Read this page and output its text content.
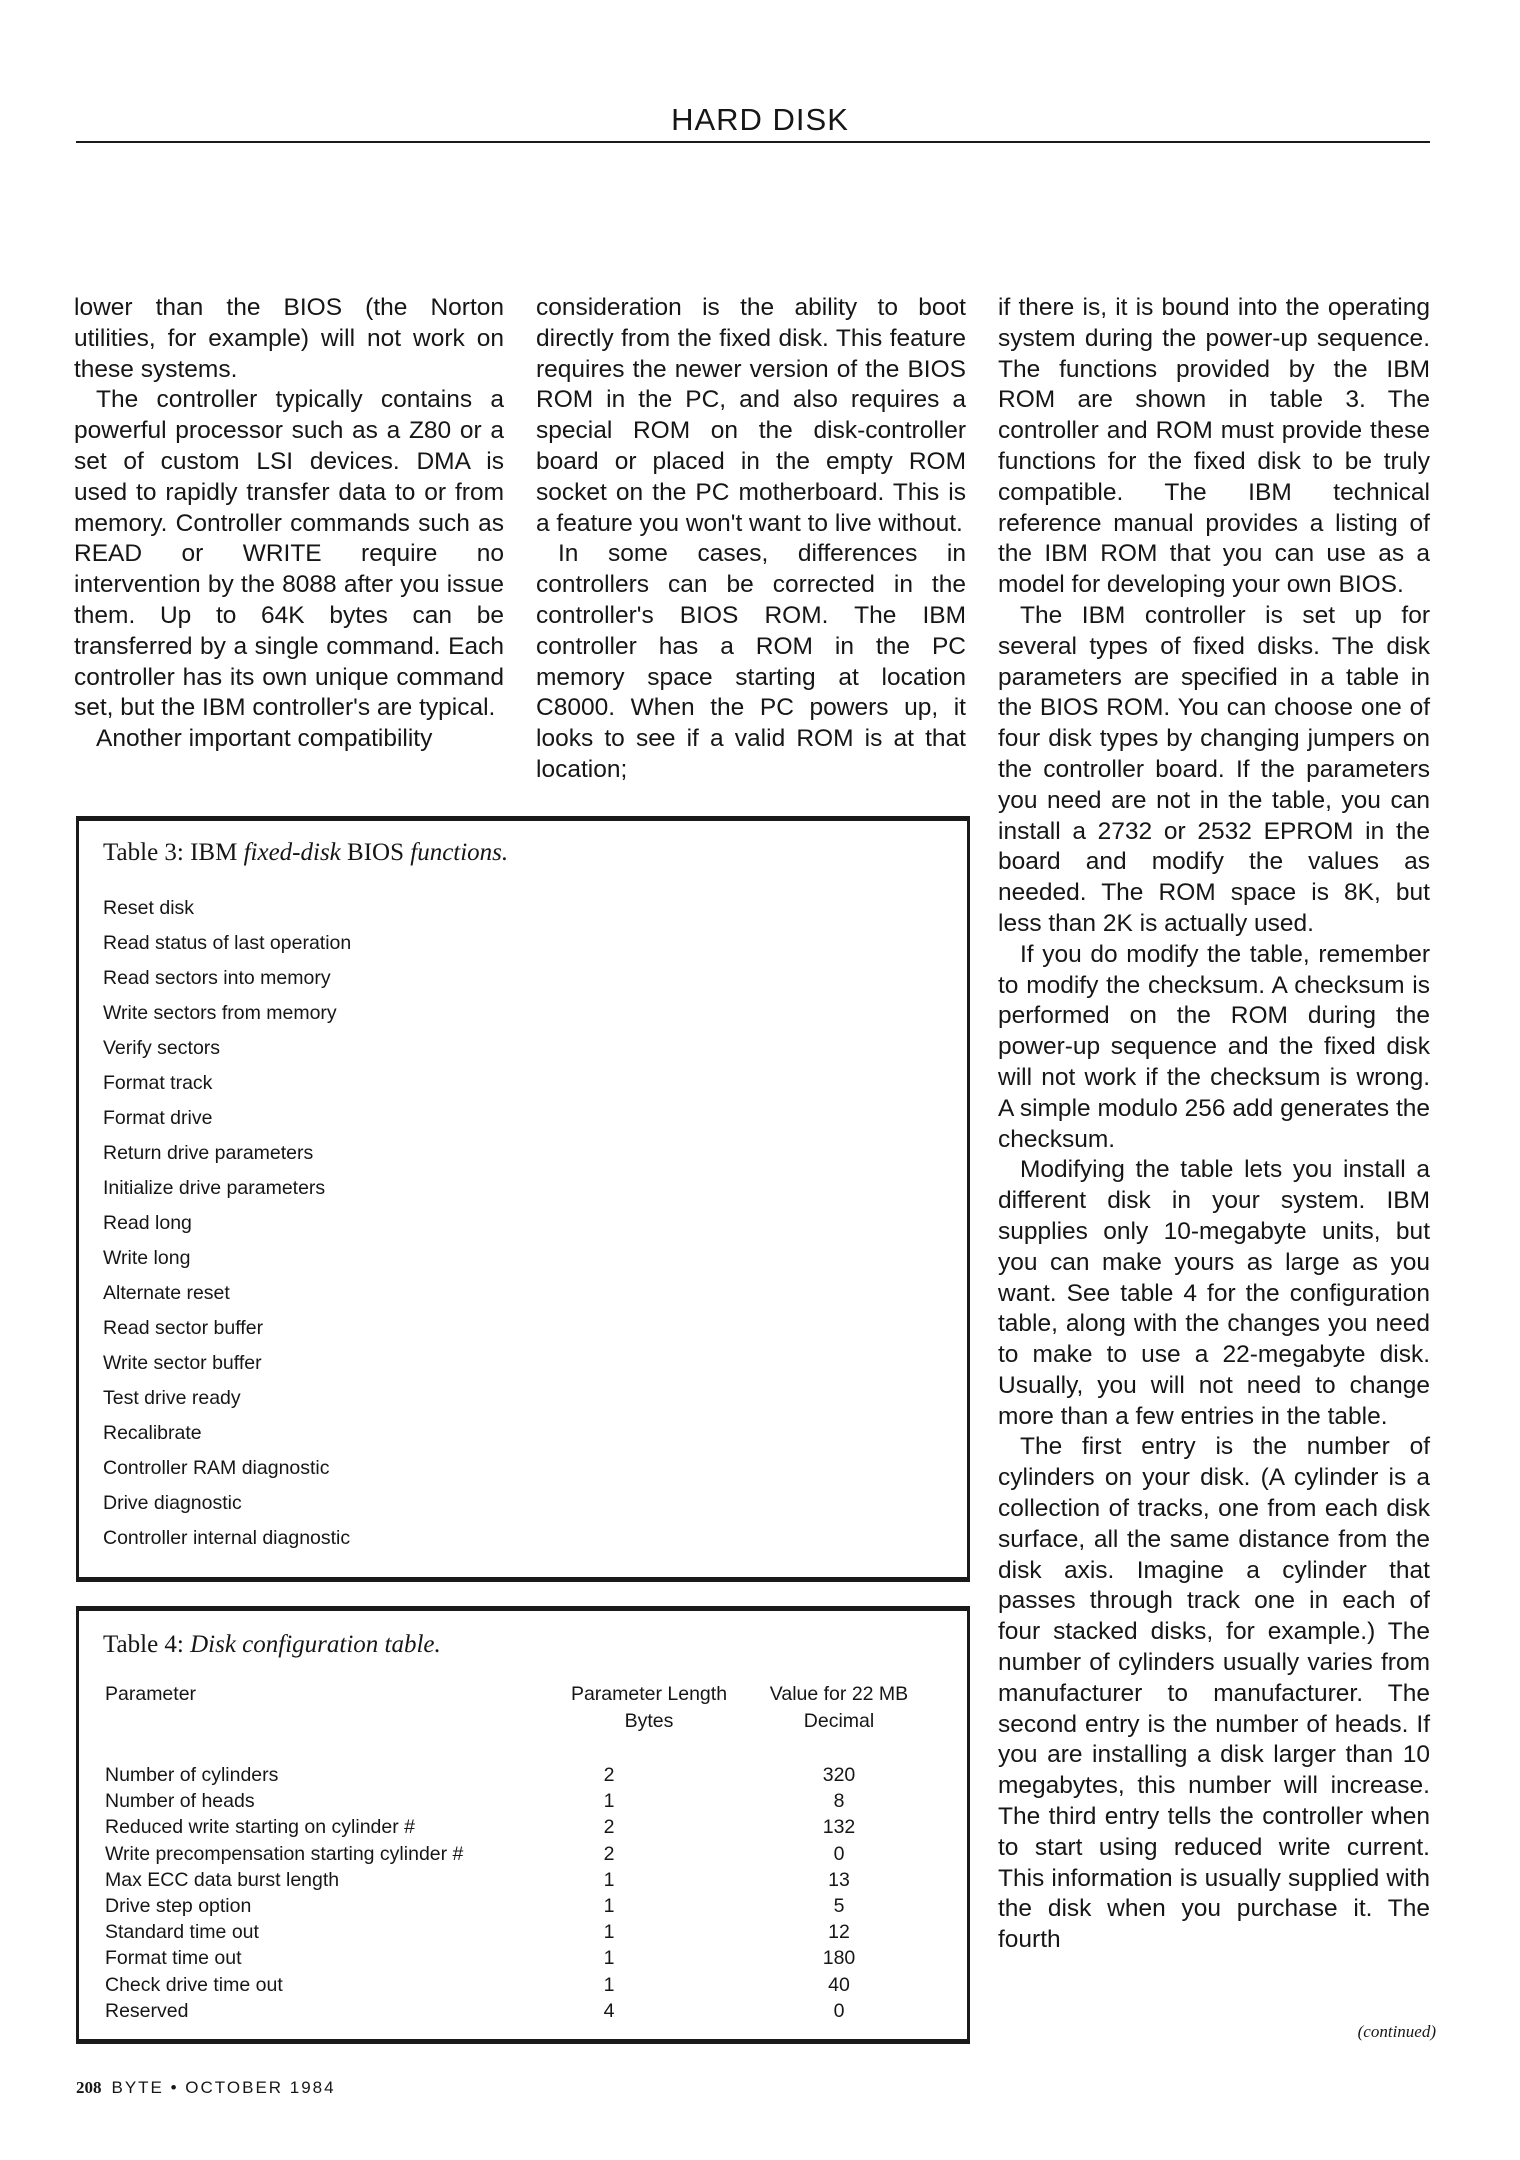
HARD DISK

lower than the BIOS (the Norton utilities, for example) will not work on these systems.

The controller typically contains a powerful processor such as a Z80 or a set of custom LSI devices. DMA is used to rapidly transfer data to or from memory. Controller commands such as READ or WRITE require no intervention by the 8088 after you issue them. Up to 64K bytes can be transferred by a single command. Each controller has its own unique command set, but the IBM controller's are typical.

Another important compatibility

consideration is the ability to boot directly from the fixed disk. This feature requires the newer version of the BIOS ROM in the PC, and also requires a special ROM on the disk-controller board or placed in the empty ROM socket on the PC motherboard. This is a feature you won't want to live without.

In some cases, differences in controllers can be corrected in the controller's BIOS ROM. The IBM controller has a ROM in the PC memory space starting at location C8000. When the PC powers up, it looks to see if a valid ROM is at that location;

if there is, it is bound into the operating system during the power-up sequence. The functions provided by the IBM ROM are shown in table 3. The controller and ROM must provide these functions for the fixed disk to be truly compatible. The IBM technical reference manual provides a listing of the IBM ROM that you can use as a model for developing your own BIOS.

The IBM controller is set up for several types of fixed disks. The disk parameters are specified in a table in the BIOS ROM. You can choose one of four disk types by changing jumpers on the controller board. If the parameters you need are not in the table, you can install a 2732 or 2532 EPROM in the board and modify the values as needed. The ROM space is 8K, but less than 2K is actually used.

If you do modify the table, remember to modify the checksum. A checksum is performed on the ROM during the power-up sequence and the fixed disk will not work if the checksum is wrong. A simple modulo 256 add generates the checksum.

Modifying the table lets you install a different disk in your system. IBM supplies only 10-megabyte units, but you can make yours as large as you want. See table 4 for the configuration table, along with the changes you need to make to use a 22-megabyte disk. Usually, you will not need to change more than a few entries in the table.

The first entry is the number of cylinders on your disk. (A cylinder is a collection of tracks, one from each disk surface, all the same distance from the disk axis. Imagine a cylinder that passes through track one in each of four stacked disks, for example.) The number of cylinders usually varies from manufacturer to manufacturer. The second entry is the number of heads. If you are installing a disk larger than 10 megabytes, this number will increase. The third entry tells the controller when to start using reduced write current. This information is usually supplied with the disk when you purchase it. The fourth

Table 3: IBM fixed-disk BIOS functions.
Reset disk
Read status of last operation
Read sectors into memory
Write sectors from memory
Verify sectors
Format track
Format drive
Return drive parameters
Initialize drive parameters
Read long
Write long
Alternate reset
Read sector buffer
Write sector buffer
Test drive ready
Recalibrate
Controller RAM diagnostic
Drive diagnostic
Controller internal diagnostic
Table 4: Disk configuration table.
Parameter	Parameter Length
Bytes
Value for 22 MB
Decimal
Number of cylinders
Number of heads
Reduced write starting on cylinder #
Write precompensation starting cylinder #
Max ECC data burst length
Drive step option
Standard time out
Format time out
Check drive time out
Reserved
2
1
2
2
1
1
1
1
1
4
320
8
132
0
13
5
12
180
40
0
(continued)
208 BYTE • OCTOBER 1984
